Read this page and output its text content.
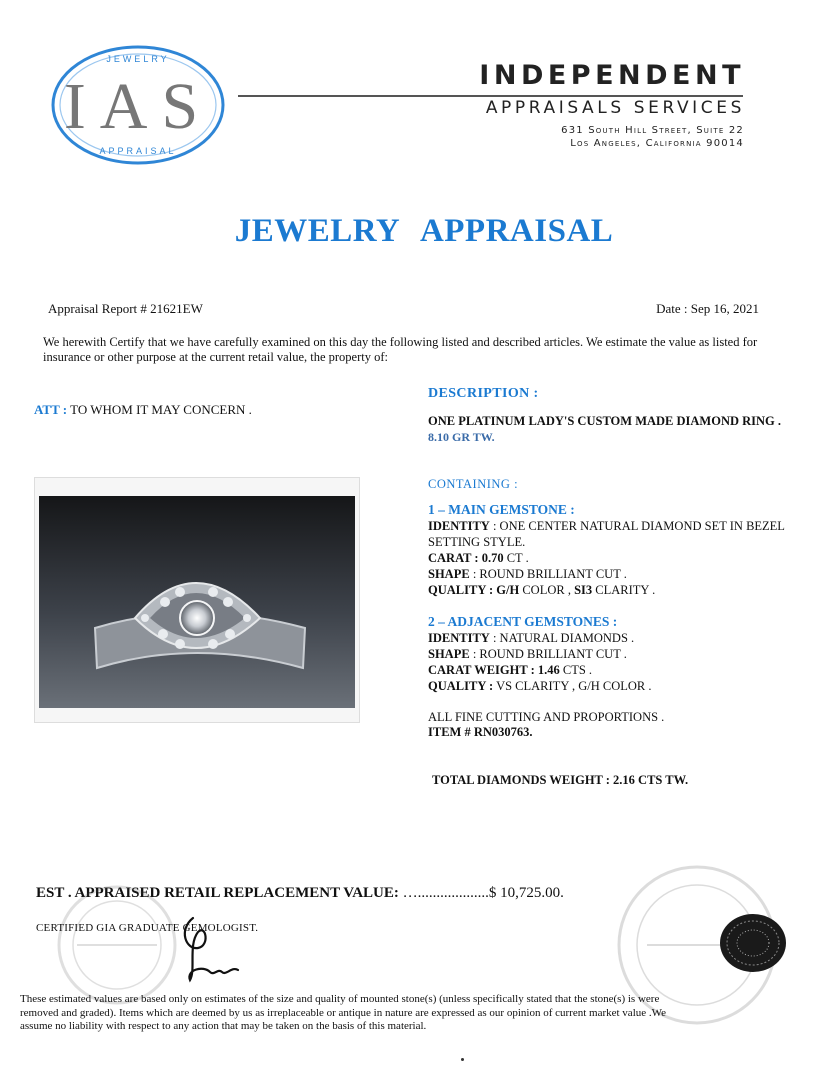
IAS
JEWELRY
APPRAISAL
INDEPENDENT
APPRAISALS SERVICES
631 South Hill Street, Suite 22
Los Angeles, California 90014
JEWELRY APPRAISAL
Appraisal Report # 21621EW	Date : Sep 16, 2021
We herewith Certify that we have carefully examined on this day the following listed and described articles. We estimate the value as listed for insurance or other purpose at the current retail value, the property of:
ATT : TO WHOM IT MAY CONCERN .
DESCRIPTION :
ONE PLATINUM LADY'S CUSTOM MADE DIAMOND RING .
8.10 GR TW.
CONTAINING :
1 – MAIN GEMSTONE :
IDENTITY : ONE CENTER NATURAL DIAMOND SET IN BEZEL SETTING STYLE.
CARAT : 0.70 CT .
SHAPE : ROUND BRILLIANT CUT .
QUALITY : G/H COLOR , SI3 CLARITY .
2 – ADJACENT GEMSTONES :
IDENTITY : NATURAL DIAMONDS .
SHAPE : ROUND BRILLIANT CUT .
CARAT WEIGHT : 1.46 CTS .
QUALITY : VS CLARITY , G/H COLOR .
ALL FINE CUTTING AND PROPORTIONS .
ITEM # RN030763.
TOTAL DIAMONDS WEIGHT : 2.16 CTS TW.
EST . APPRAISED RETAIL REPLACEMENT VALUE: …...................$ 10,725.00.
CERTIFIED GIA GRADUATE GEMOLOGIST.
These estimated values are based only on estimates of the size and quality of mounted stone(s) (unless specifically stated that the stone(s) is were removed and graded). Items which are deemed by us as irreplaceable or antique in nature are expressed as our opinion of current market value .We assume no liability with respect to any action that may be taken on the basis of this material.
